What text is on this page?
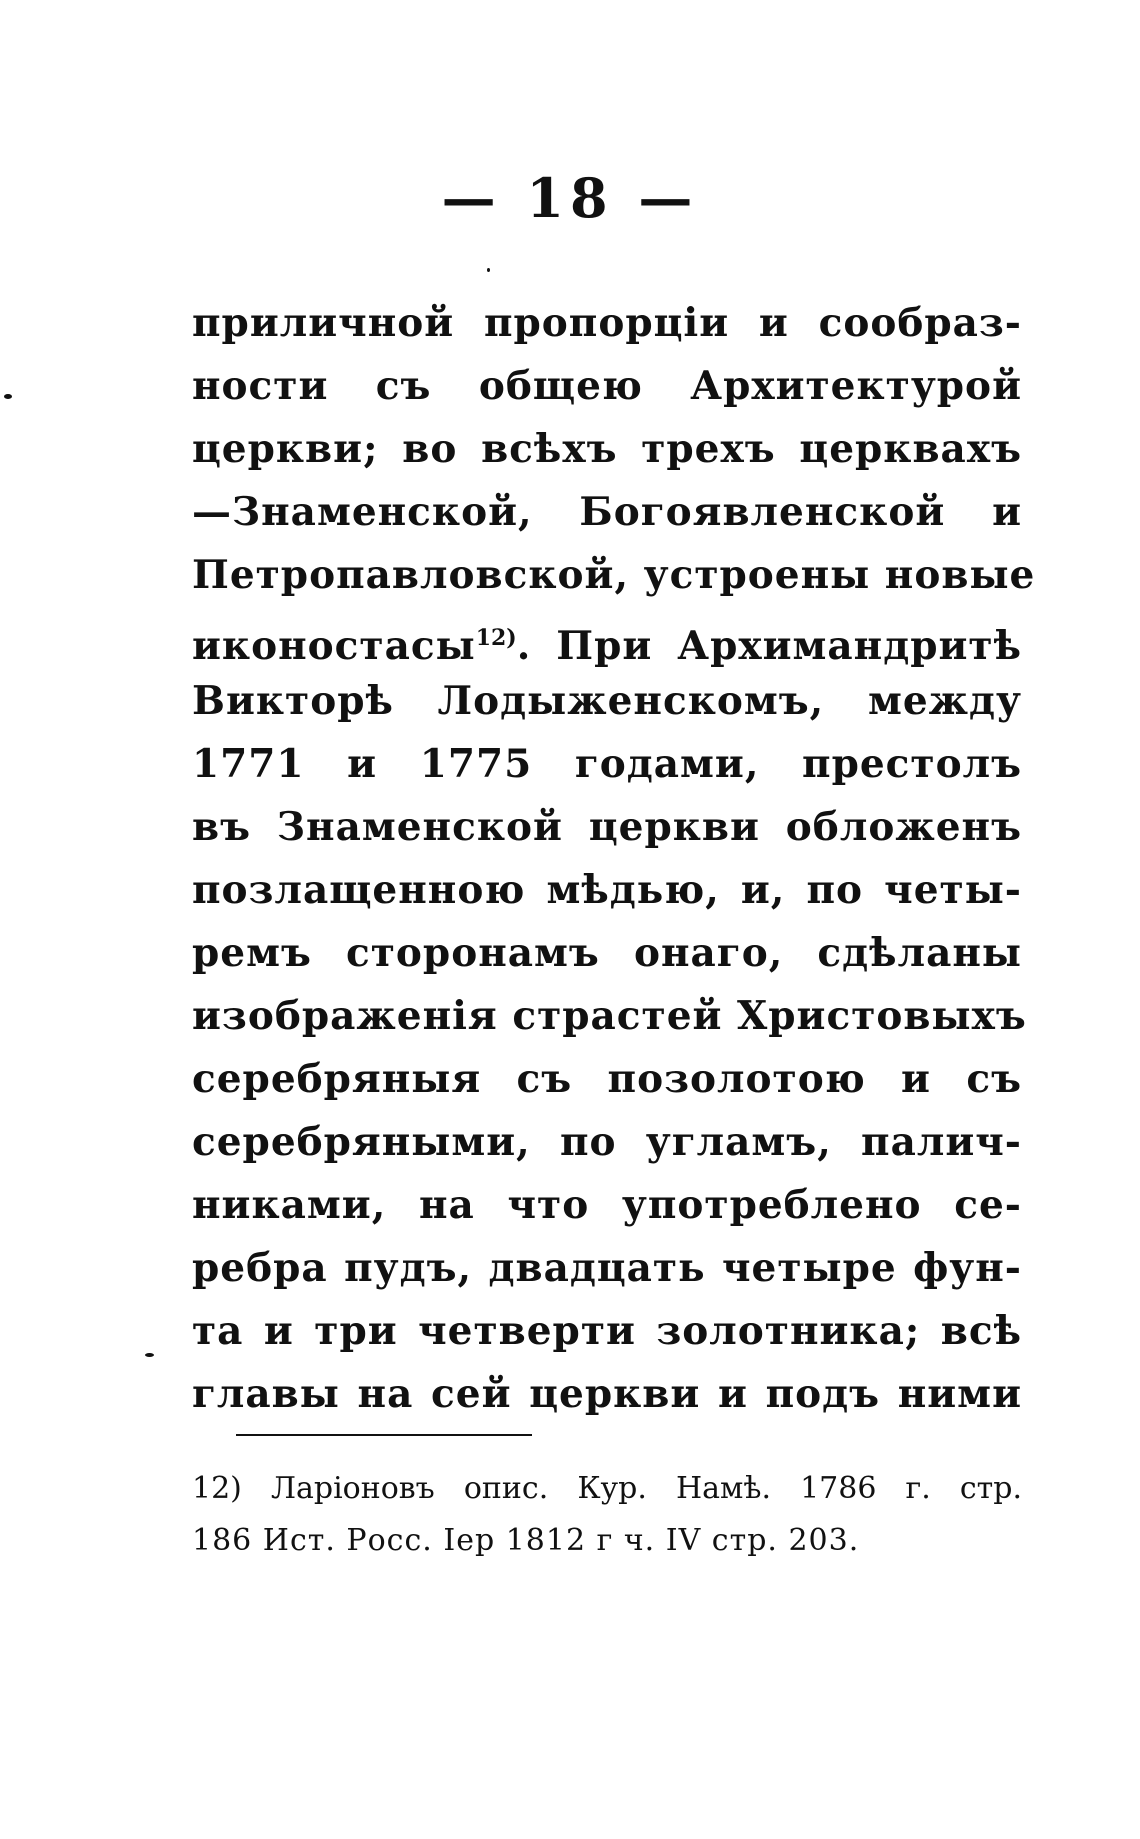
— 18 —
приличной пропорціи и сообраз-
ности съ общею Архитектурой
церкви; во всѣхъ трехъ церквахъ
—Знаменской, Богоявленской и
Петропавловской, устроены новые
иконостасы$^{12)}$. При Архимандритѣ
Викторѣ Лодыженскомъ, между
1771 и 1775 годами, престолъ
въ Знаменской церкви обложенъ
позлащенною мѣдью, и, по четы-
ремъ сторонамъ онаго, сдѣланы
изображенія страстей Христовыхъ
серебряныя съ позолотою и съ
серебряными, по угламъ, палич-
никами, на что употреблено се-
ребра пудъ, двадцать четыре фун-
та и три четверти золотника; всѣ
главы на сей церкви и подъ ними
12) Ларіоновъ опис. Кур. Намѣ. 1786 г. стр.
186 Ист. Росс. Іер 1812 г ч. IV стр. 203.
